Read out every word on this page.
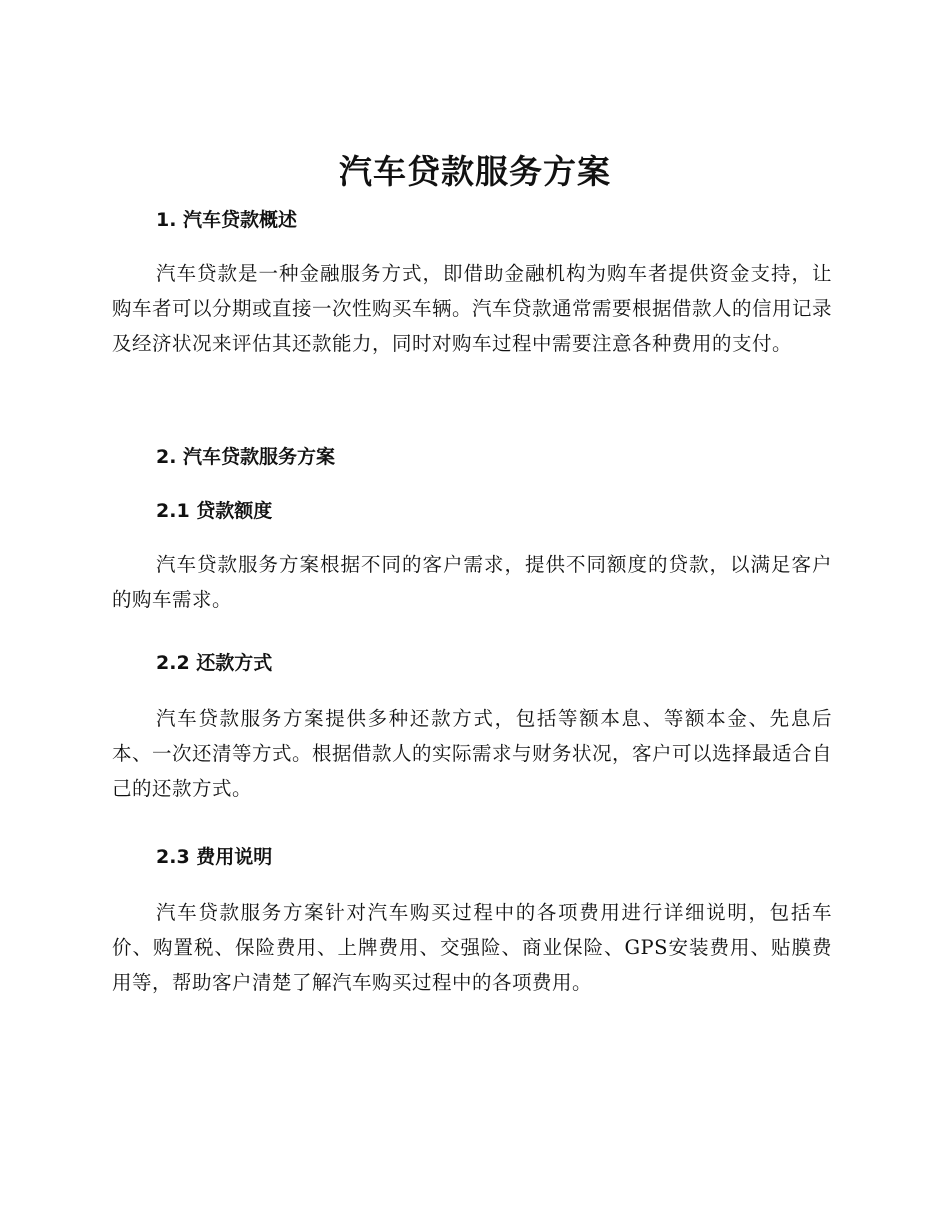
汽车贷款服务方案
1. 汽车贷款概述

汽车贷款是一种金融服务方式，即借助金融机构为购车者提供资金支持，让购车者可以分期或直接一次性购买车辆。汽车贷款通常需要根据借款人的信用记录及经济状况来评估其还款能力，同时对购车过程中需要注意各种费用的支付。

2. 汽车贷款服务方案
2.1 贷款额度

汽车贷款服务方案根据不同的客户需求，提供不同额度的贷款，以满足客户的购车需求。

2.2 还款方式

汽车贷款服务方案提供多种还款方式，包括等额本息、等额本金、先息后本、一次还清等方式。根据借款人的实际需求与财务状况，客户可以选择最适合自己的还款方式。

2.3 费用说明

汽车贷款服务方案针对汽车购买过程中的各项费用进行详细说明，包括车价、购置税、保险费用、上牌费用、交强险、商业保险、GPS安装费用、贴膜费用等，帮助客户清楚了解汽车购买过程中的各项费用。
